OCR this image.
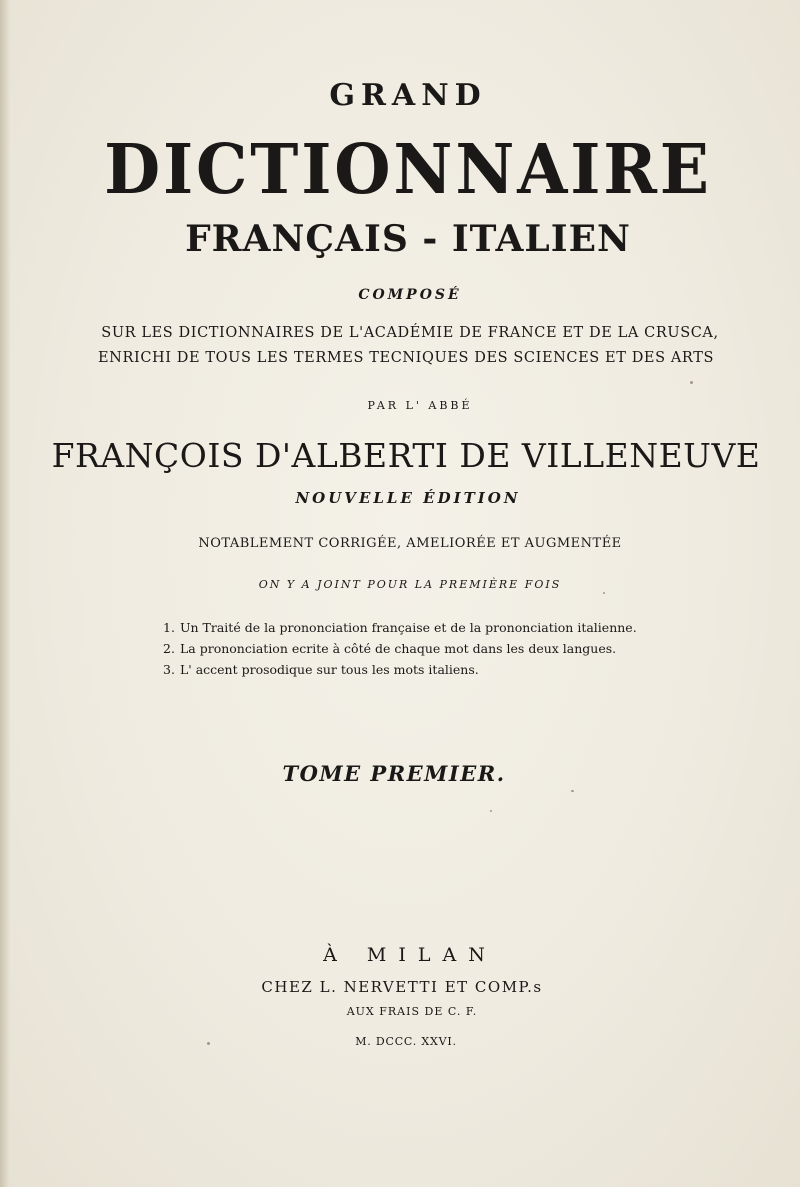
GRAND
DICTIONNAIRE
FRANÇAIS - ITALIEN
COMPOSÉ
SUR LES DICTIONNAIRES DE L'ACADÉMIE DE FRANCE ET DE LA CRUSCA,
ENRICHI DE TOUS LES TERMES TECNIQUES DES SCIENCES ET DES ARTS
PAR L' ABBÉ
FRANÇOIS D'ALBERTI DE VILLENEUVE
NOUVELLE ÉDITION
NOTABLEMENT CORRIGÉE, AMELIORÉE ET AUGMENTÉE
ON Y A JOINT POUR LA PREMIÈRE FOIS
1. Un Traité de la prononciation française et de la prononciation italienne.
2. La prononciation ecrite à côté de chaque mot dans les deux langues.
3. L' accent prosodique sur tous les mots italiens.
TOME PREMIER.
À MILAN
CHEZ L. NERVETTI ET COMP.s
AUX FRAIS DE C. F.
M. DCCC. XXVI.
